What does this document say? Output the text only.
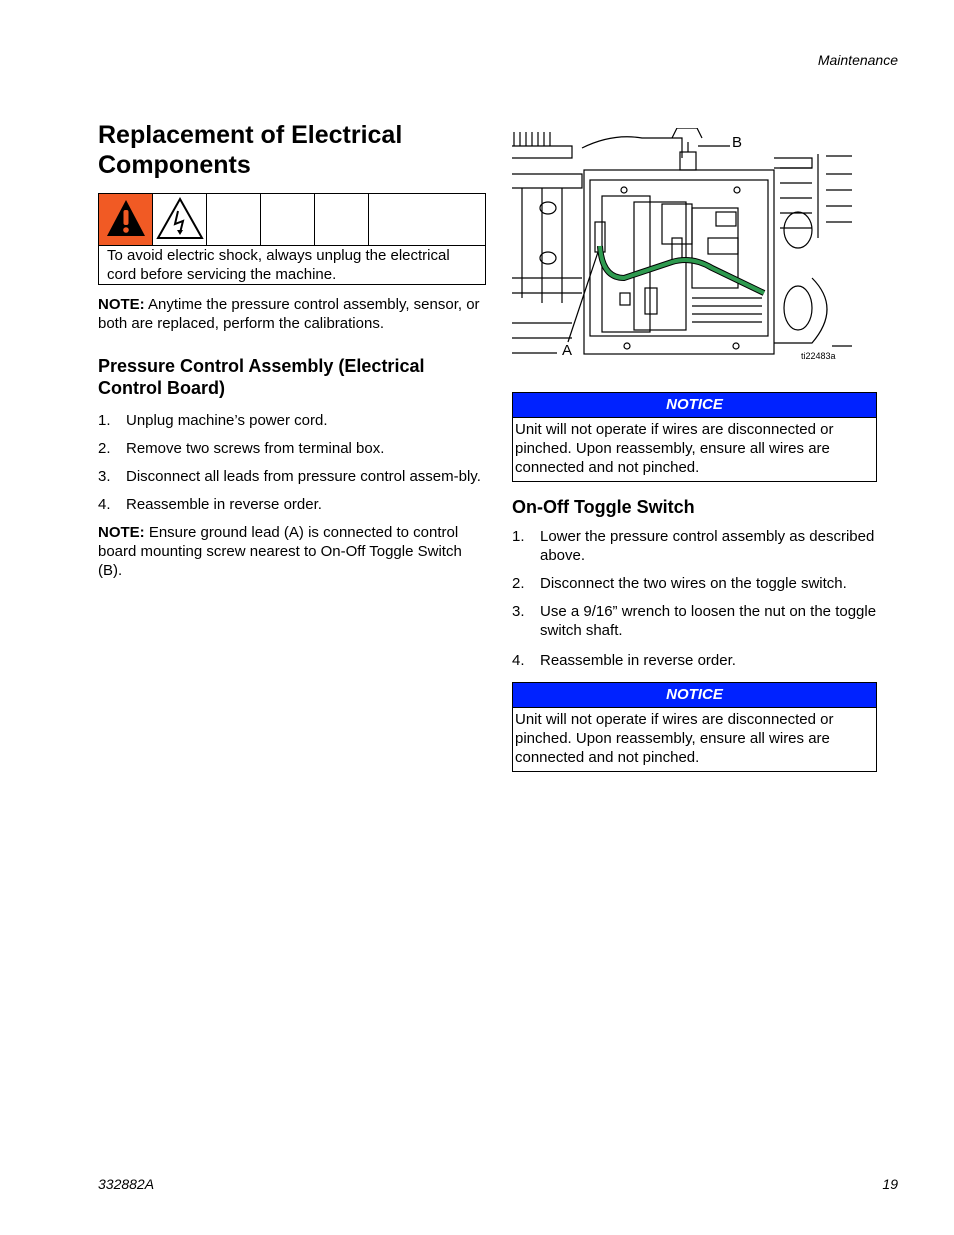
Maintenance
Replacement of Electrical Components
To avoid electric shock, always unplug the electrical cord before servicing the machine.

NOTE: Anytime the pressure control assembly, sensor, or both are replaced, perform the calibrations.

Pressure Control Assembly (Electrical Control Board)
1. Unplug machine’s power cord.
2. Remove two screws from terminal box.
3. Disconnect all leads from pressure control assem-bly.
4. Reassemble in reverse order.

NOTE: Ensure ground lead (A) is connected to control board mounting screw nearest to On-Off Toggle Switch (B).

B
A	ti22483a
NOTICE
Unit will not operate if wires are disconnected or pinched. Upon reassembly, ensure all wires are connected and not pinched.
On-Off Toggle Switch
1. Lower the pressure control assembly as described above.
2. Disconnect the two wires on the toggle switch.
3. Use a 9/16” wrench to loosen the nut on the toggle switch shaft.
4. Reassemble in reverse order.
NOTICE
Unit will not operate if wires are disconnected or pinched. Upon reassembly, ensure all wires are connected and not pinched.
332882A	19
